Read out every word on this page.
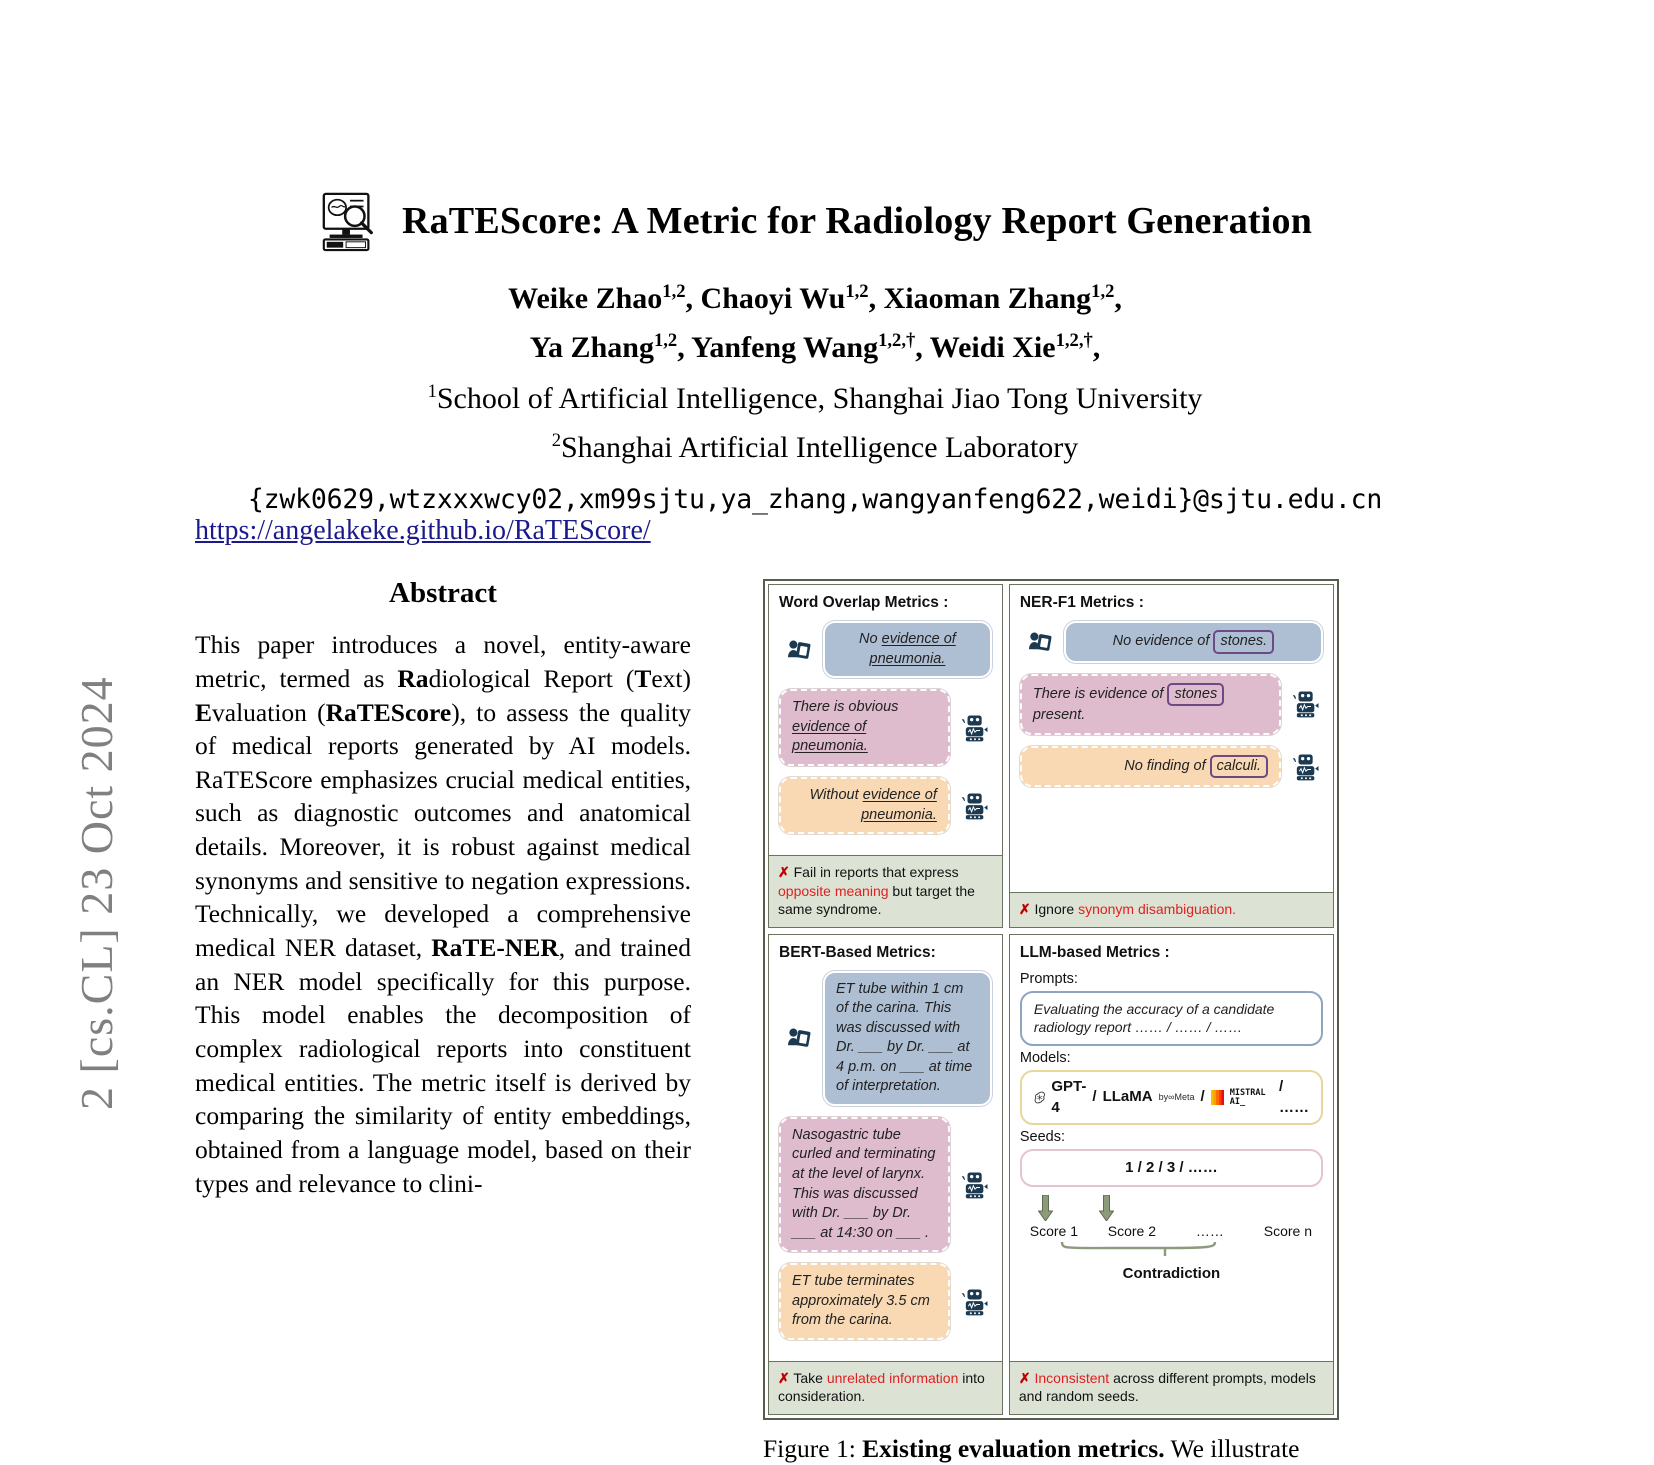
2 [cs.CL] 23 Oct 2024
RaTEScore: A Metric for Radiology Report Generation
Weike Zhao$^{1,2}$, Chaoyi Wu$^{1,2}$, Xiaoman Zhang$^{1,2}$,
Ya Zhang$^{1,2}$, Yanfeng Wang$^{1,2,\dagger}$, Weidi Xie$^{1,2,\dagger}$,
$^1$School of Artificial Intelligence, Shanghai Jiao Tong University
$^2$Shanghai Artificial Intelligence Laboratory
{zwk0629,wtzxxxwcy02,xm99sjtu,ya_zhang,wangyanfeng622,weidi}@sjtu.edu.cn
https://angelakeke.github.io/RaTEScore/
Abstract
This paper introduces a novel, entity-aware metric, termed as Radiological Report (Text) Evaluation (RaTEScore), to assess the quality of medical reports generated by AI models. RaTEScore emphasizes crucial medical entities, such as diagnostic outcomes and anatomical details. Moreover, it is robust against medical synonyms and sensitive to negation expressions. Technically, we developed a comprehensive medical NER dataset, RaTE-NER, and trained an NER model specifically for this purpose. This model enables the decomposition of complex radiological reports into constituent medical entities. The metric itself is derived by comparing the similarity of entity embeddings, obtained from a language model, based on their types and relevance to clini-
Word Overlap Metrics :
No evidence of pneumonia.
There is obvious evidence of pneumonia.
Without evidence of pneumonia.
✗ Fail in reports that express opposite meaning but target the same syndrome.
NER-F1 Metrics :
No evidence of stones.
There is evidence of stones present.
No finding of calculi.
✗ Ignore synonym disambiguation.
BERT-Based Metrics:
ET tube within 1 cm of the carina. This was discussed with Dr. ___ by Dr. ___ at 4 p.m. on ___ at time of interpretation.
Nasogastric tube curled and terminating at the level of larynx. This was discussed with Dr. ___ by Dr. ___ at 14:30 on ___ .
ET tube terminates approximately 3.5 cm from the carina.
✗ Take unrelated information into consideration.
LLM-based Metrics :
Prompts:
Evaluating the accuracy of a candidate radiology report …… / …… / ……
Models:
GPT-4
/ LLaMA by∞Meta /	MISTRAL AI_
/ ……
Seeds:
1 / 2 / 3 / ……
Score 1 Score 2	……	Score n
Contradiction
✗ Inconsistent across different prompts, models and random seeds.
Figure 1: Existing evaluation metrics. We illustrate
